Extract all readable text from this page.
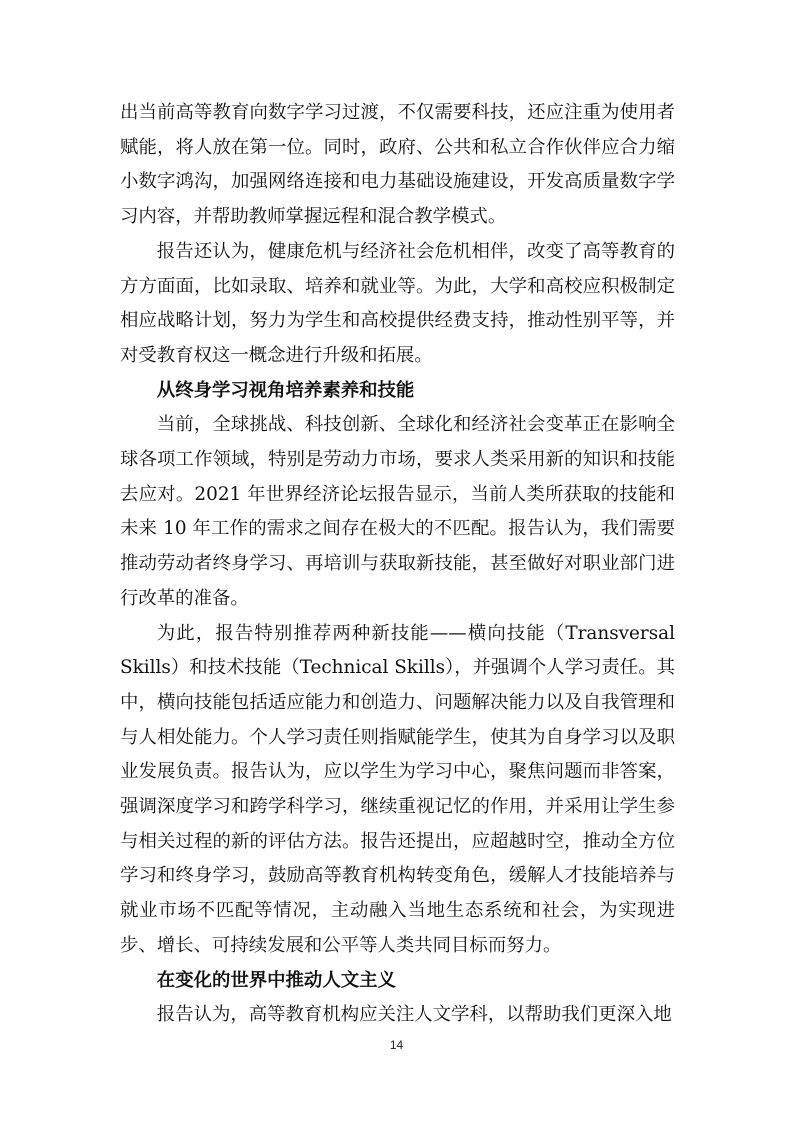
出当前高等教育向数字学习过渡，不仅需要科技，还应注重为使用者赋能，将人放在第一位。同时，政府、公共和私立合作伙伴应合力缩小数字鸿沟，加强网络连接和电力基础设施建设，开发高质量数字学习内容，并帮助教师掌握远程和混合教学模式。

报告还认为，健康危机与经济社会危机相伴，改变了高等教育的方方面面，比如录取、培养和就业等。为此，大学和高校应积极制定相应战略计划，努力为学生和高校提供经费支持，推动性别平等，并对受教育权这一概念进行升级和拓展。

从终身学习视角培养素养和技能

当前，全球挑战、科技创新、全球化和经济社会变革正在影响全球各项工作领域，特别是劳动力市场，要求人类采用新的知识和技能去应对。2021 年世界经济论坛报告显示，当前人类所获取的技能和未来 10 年工作的需求之间存在极大的不匹配。报告认为，我们需要推动劳动者终身学习、再培训与获取新技能，甚至做好对职业部门进行改革的准备。

为此，报告特别推荐两种新技能——横向技能（Transversal Skills）和技术技能（Technical Skills），并强调个人学习责任。其中，横向技能包括适应能力和创造力、问题解决能力以及自我管理和与人相处能力。个人学习责任则指赋能学生，使其为自身学习以及职业发展负责。报告认为，应以学生为学习中心，聚焦问题而非答案，强调深度学习和跨学科学习，继续重视记忆的作用，并采用让学生参与相关过程的新的评估方法。报告还提出，应超越时空，推动全方位学习和终身学习，鼓励高等教育机构转变角色，缓解人才技能培养与就业市场不匹配等情况，主动融入当地生态系统和社会，为实现进步、增长、可持续发展和公平等人类共同目标而努力。

在变化的世界中推动人文主义

报告认为，高等教育机构应关注人文学科，以帮助我们更深入地

14
